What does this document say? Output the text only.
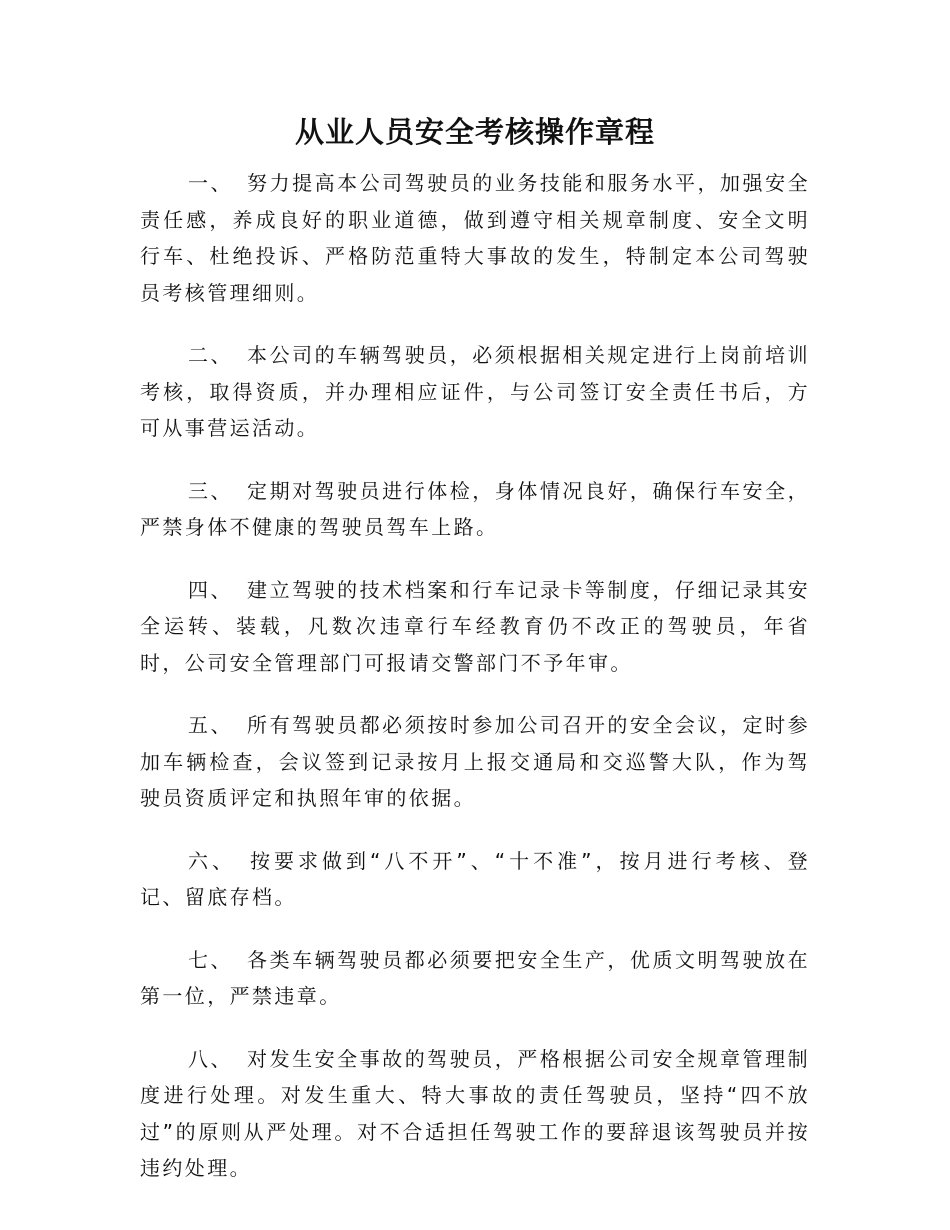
从业人员安全考核操作章程

一、 努力提高本公司驾驶员的业务技能和服务水平，加强安全责任感，养成良好的职业道德，做到遵守相关规章制度、安全文明行车、杜绝投诉、严格防范重特大事故的发生，特制定本公司驾驶员考核管理细则。

二、 本公司的车辆驾驶员，必须根据相关规定进行上岗前培训考核，取得资质，并办理相应证件，与公司签订安全责任书后，方可从事营运活动。

三、 定期对驾驶员进行体检，身体情况良好，确保行车安全，严禁身体不健康的驾驶员驾车上路。

四、 建立驾驶的技术档案和行车记录卡等制度，仔细记录其安全运转、装载，凡数次违章行车经教育仍不改正的驾驶员，年省时，公司安全管理部门可报请交警部门不予年审。

五、 所有驾驶员都必须按时参加公司召开的安全会议，定时参加车辆检查，会议签到记录按月上报交通局和交巡警大队，作为驾驶员资质评定和执照年审的依据。

六、 按要求做到“八不开”、“十不准”，按月进行考核、登记、留底存档。

七、 各类车辆驾驶员都必须要把安全生产，优质文明驾驶放在第一位，严禁违章。

八、 对发生安全事故的驾驶员，严格根据公司安全规章管理制度进行处理。对发生重大、特大事故的责任驾驶员，坚持“四不放过”的原则从严处理。对不合适担任驾驶工作的要辞退该驾驶员并按违约处理。
